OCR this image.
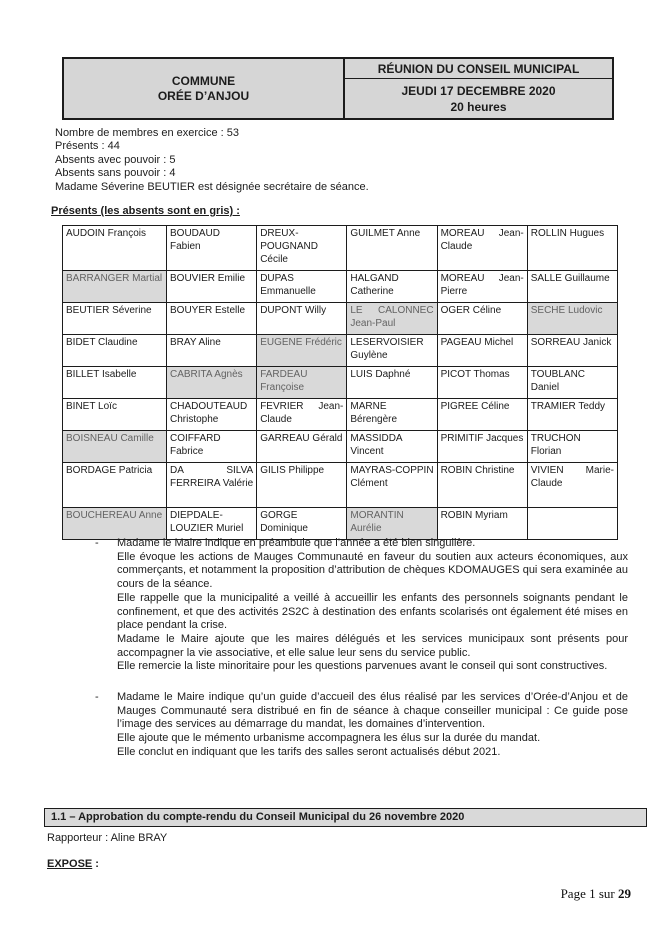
COMMUNE
ORÉE D’ANJOU
RÉUNION DU CONSEIL MUNICIPAL
JEUDI 17 DECEMBRE 2020
20 heures
Nombre de membres en exercice : 53
Présents : 44
Absents avec pouvoir : 5
Absents sans pouvoir : 4
Madame Séverine BEUTIER est désignée secrétaire de séance.
Présents (les absents sont en gris) :
AUDOIN François	BOUDAUD Fabien	DREUX-POUGNAND Cécile	GUILMET Anne	MOREAU Jean-Claude	ROLLIN Hugues
BARRANGER Martial	BOUVIER Emilie	DUPAS Emmanuelle	HALGAND Catherine	MOREAU Jean-Pierre	SALLE Guillaume
BEUTIER Séverine	BOUYER Estelle	DUPONT Willy	LE CALONNEC Jean-Paul	OGER Céline	SECHE Ludovic
BIDET Claudine	BRAY Aline	EUGENE Frédéric	LESERVOISIER Guylène	PAGEAU Michel	SORREAU Janick
BILLET Isabelle	CABRITA Agnès	FARDEAU Françoise	LUIS Daphné	PICOT Thomas	TOUBLANC Daniel
BINET Loïc	CHADOUTEAUD Christophe	FEVRIER Jean-Claude	MARNE Bérengère	PIGREE Céline	TRAMIER Teddy
BOISNEAU Camille	COIFFARD Fabrice	GARREAU Gérald	MASSIDDA Vincent	PRIMITIF Jacques	TRUCHON Florian
BORDAGE Patricia	DA SILVA FERREIRA Valérie	GILIS Philippe	MAYRAS-COPPIN Clément	ROBIN Christine	VIVIEN Marie-Claude
BOUCHEREAU Anne	DIEPDALE-LOUZIER Muriel	GORGE Dominique	MORANTIN Aurélie	ROBIN Myriam	
-	Madame le Maire indique en préambule que l’année a été bien singulière.
Elle évoque les actions de Mauges Communauté en faveur du soutien aux acteurs économiques, aux commerçants, et notamment la proposition d’attribution de chèques KDOMAUGES qui sera examinée au cours de la séance.
Elle rappelle que la municipalité a veillé à accueillir les enfants des personnels soignants pendant le confinement, et que des activités 2S2C à destination des enfants scolarisés ont également été mises en place pendant la crise.
Madame le Maire ajoute que les maires délégués et les services municipaux sont présents pour accompagner la vie associative, et elle salue leur sens du service public.
Elle remercie la liste minoritaire pour les questions parvenues avant le conseil qui sont constructives.
-	Madame le Maire indique qu’un guide d’accueil des élus réalisé par les services d’Orée-d’Anjou et de Mauges Communauté sera distribué en fin de séance à chaque conseiller municipal : Ce guide pose l’image des services au démarrage du mandat, les domaines d’intervention.
Elle ajoute que le mémento urbanisme accompagnera les élus sur la durée du mandat.
Elle conclut en indiquant que les tarifs des salles seront actualisés début 2021.
1.1 – Approbation du compte-rendu du Conseil Municipal du 26 novembre 2020
Rapporteur : Aline BRAY
EXPOSE :
Page 1 sur 29
